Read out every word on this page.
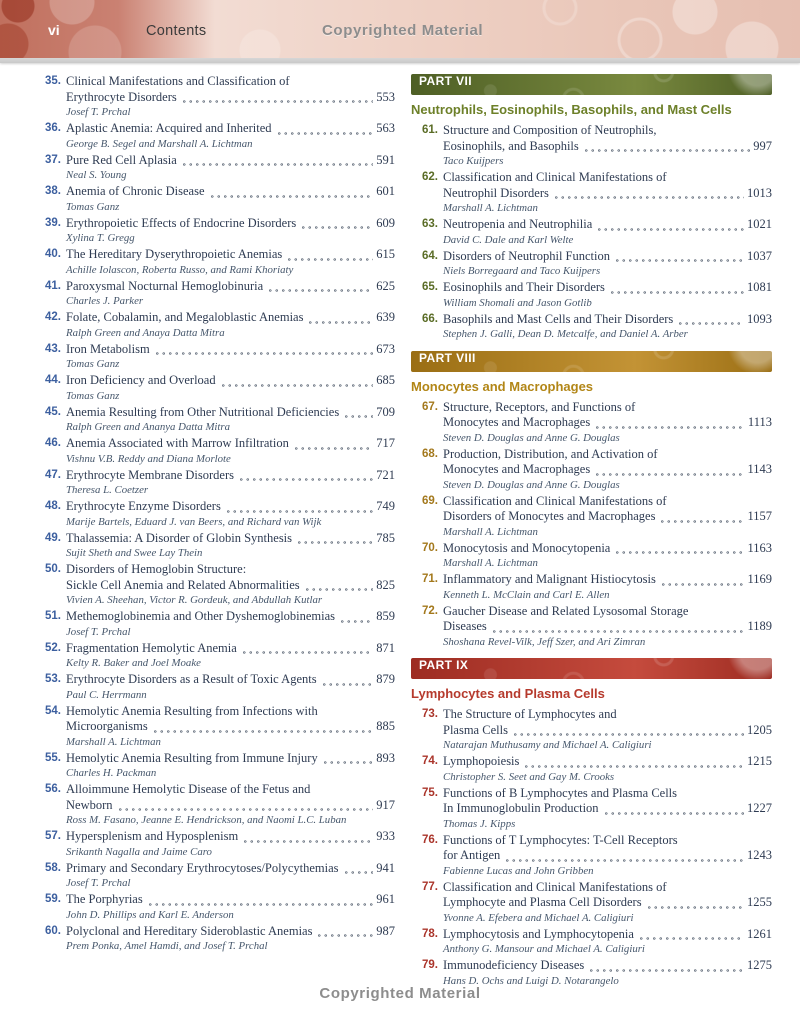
vi	Contents	Copyrighted Material
35. Clinical Manifestations and Classification of
Erythrocyte Disorders	553
Josef T. Prchal
36. Aplastic Anemia: Acquired and Inherited	563
George B. Segel and Marshall A. Lichtman
37. Pure Red Cell Aplasia	591
Neal S. Young
38. Anemia of Chronic Disease	601
Tomas Ganz
39. Erythropoietic Effects of Endocrine Disorders	609
Xylina T. Gregg
40. The Hereditary Dyserythropoietic Anemias	615
Achille Iolascon, Roberta Russo, and Rami Khoriaty
41. Paroxysmal Nocturnal Hemoglobinuria	625
Charles J. Parker
42. Folate, Cobalamin, and Megaloblastic Anemias	639
Ralph Green and Anaya Datta Mitra
43. Iron Metabolism	673
Tomas Ganz
44. Iron Deficiency and Overload	685
Tomas Ganz
45. Anemia Resulting from Other Nutritional Deficiencies	709
Ralph Green and Ananya Datta Mitra
46. Anemia Associated with Marrow Infiltration	717
Vishnu V.B. Reddy and Diana Morlote
47. Erythrocyte Membrane Disorders	721
Theresa L. Coetzer
48. Erythrocyte Enzyme Disorders	749
Marije Bartels, Eduard J. van Beers, and Richard van Wijk
49. Thalassemia: A Disorder of Globin Synthesis	785
Sujit Sheth and Swee Lay Thein
50. Disorders of Hemoglobin Structure:
Sickle Cell Anemia and Related Abnormalities	825
Vivien A. Sheehan, Victor R. Gordeuk, and Abdullah Kutlar
51. Methemoglobinemia and Other Dyshemoglobinemias	859
Josef T. Prchal
52. Fragmentation Hemolytic Anemia	871
Kelty R. Baker and Joel Moake
53. Erythrocyte Disorders as a Result of Toxic Agents	879
Paul C. Herrmann
54. Hemolytic Anemia Resulting from Infections with
Microorganisms	885
Marshall A. Lichtman
55. Hemolytic Anemia Resulting from Immune Injury	893
Charles H. Packman
56. Alloimmune Hemolytic Disease of the Fetus and
Newborn	917
Ross M. Fasano, Jeanne E. Hendrickson, and Naomi L.C. Luban
57. Hypersplenism and Hyposplenism	933
Srikanth Nagalla and Jaime Caro
58. Primary and Secondary Erythrocytoses/Polycythemias	941
Josef T. Prchal
59. The Porphyrias	961
John D. Phillips and Karl E. Anderson
60. Polyclonal and Hereditary Sideroblastic Anemias	987
Prem Ponka, Amel Hamdi, and Josef T. Prchal
PART VII
Neutrophils, Eosinophils, Basophils, and Mast Cells
61. Structure and Composition of Neutrophils,
Eosinophils, and Basophils	997
Taco Kuijpers
62. Classification and Clinical Manifestations of
Neutrophil Disorders	1013
Marshall A. Lichtman
63. Neutropenia and Neutrophilia	1021
David C. Dale and Karl Welte
64. Disorders of Neutrophil Function	1037
Niels Borregaard and Taco Kuijpers
65. Eosinophils and Their Disorders	1081
William Shomali and Jason Gotlib
66. Basophils and Mast Cells and Their Disorders	1093
Stephen J. Galli, Dean D. Metcalfe, and Daniel A. Arber
PART VIII
Monocytes and Macrophages
67. Structure, Receptors, and Functions of
Monocytes and Macrophages	1113
Steven D. Douglas and Anne G. Douglas
68. Production, Distribution, and Activation of
Monocytes and Macrophages	1143
Steven D. Douglas and Anne G. Douglas
69. Classification and Clinical Manifestations of
Disorders of Monocytes and Macrophages	1157
Marshall A. Lichtman
70. Monocytosis and Monocytopenia	1163
Marshall A. Lichtman
71. Inflammatory and Malignant Histiocytosis	1169
Kenneth L. McClain and Carl E. Allen
72. Gaucher Disease and Related Lysosomal Storage
Diseases	1189
Shoshana Revel-Vilk, Jeff Szer, and Ari Zimran
PART IX
Lymphocytes and Plasma Cells
73. The Structure of Lymphocytes and
Plasma Cells	1205
Natarajan Muthusamy and Michael A. Caligiuri
74. Lymphopoiesis	1215
Christopher S. Seet and Gay M. Crooks
75. Functions of B Lymphocytes and Plasma Cells
In Immunoglobulin Production	1227
Thomas J. Kipps
76. Functions of T Lymphocytes: T-Cell Receptors
for Antigen	1243
Fabienne Lucas and John Gribben
77. Classification and Clinical Manifestations of
Lymphocyte and Plasma Cell Disorders	1255
Yvonne A. Efebera and Michael A. Caligiuri
78. Lymphocytosis and Lymphocytopenia	1261
Anthony G. Mansour and Michael A. Caligiuri
79. Immunodeficiency Diseases	1275
Hans D. Ochs and Luigi D. Notarangelo
Copyrighted Material
